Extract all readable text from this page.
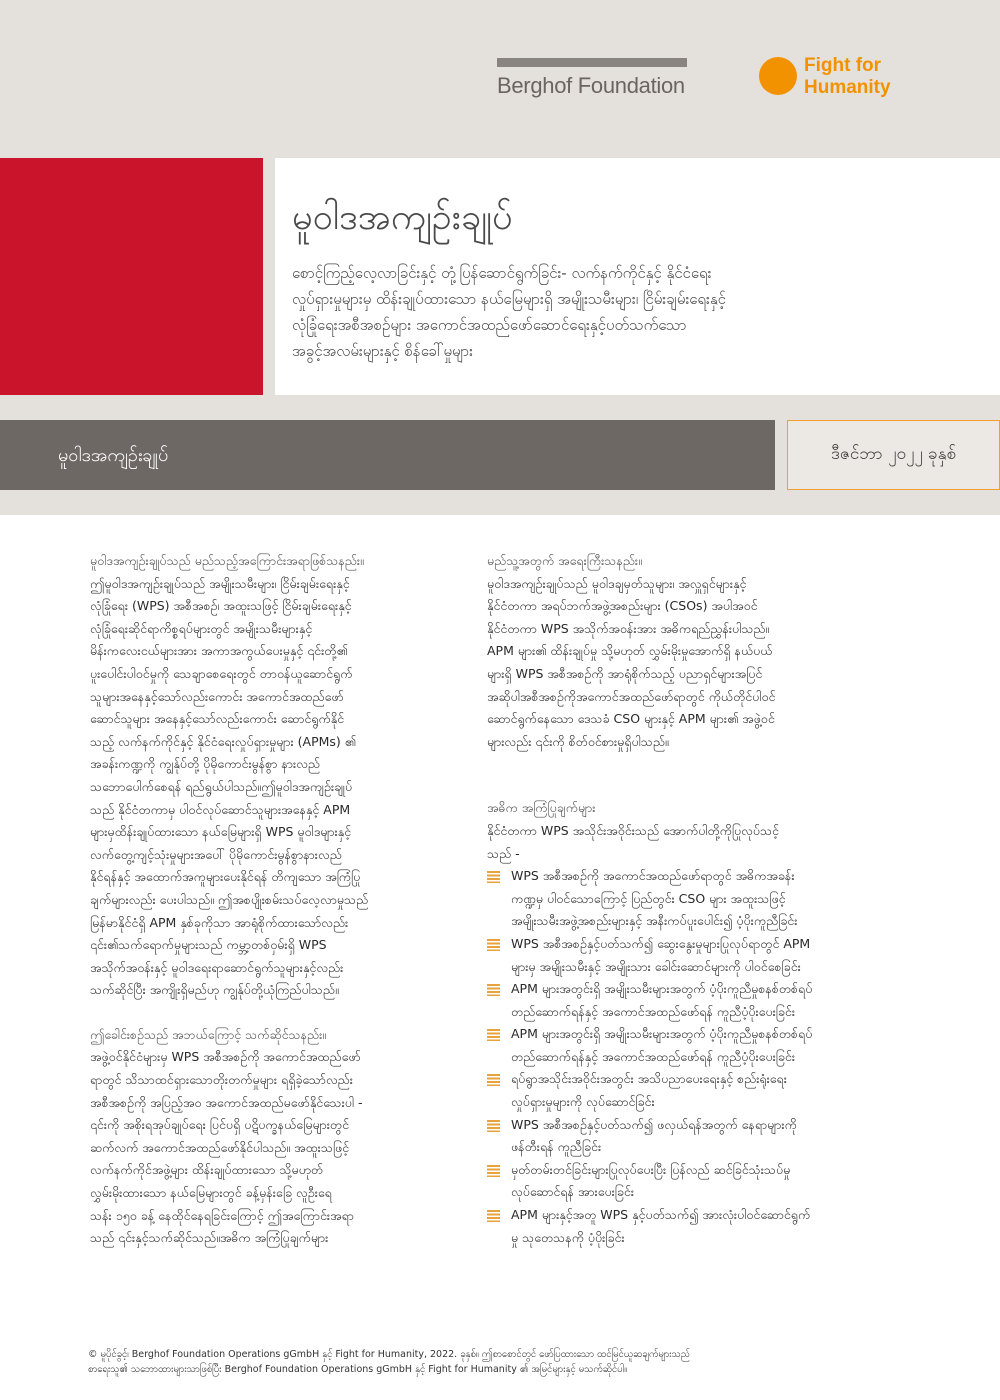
Berghof Foundation
Fight for
Humanity
မူဝါဒအကျဉ်းချုပ်
စောင့်ကြည့်လေ့လာခြင်းနှင့် တုံ့ပြန်ဆောင်ရွက်ခြင်း- လက်နက်ကိုင်နှင့် နိုင်ငံရေး
လှုပ်ရှားမှုများမှ ထိန်းချုပ်ထားသော နယ်မြေများရှိ အမျိုးသမီးများ၊ ငြိမ်းချမ်းရေးနှင့်
လုံခြုံရေးအစီအစဉ်များ အကောင်အထည်ဖော်ဆောင်ရေးနှင့်ပတ်သက်သော
အခွင့်အလမ်းများနှင့် စိန်ခေါ်မှုများ
မူဝါဒအကျဉ်းချုပ်	ဒီဇင်ဘာ ၂၀၂၂ ခုနှစ်
မူဝါဒအကျဉ်းချုပ်သည် မည်သည့်အကြောင်းအရာဖြစ်သနည်း။
ဤမူဝါဒအကျဉ်းချုပ်သည် အမျိုးသမီးများ၊ ငြိမ်းချမ်းရေးနှင့်
လုံခြုံရေး (WPS) အစီအစဉ်၊ အထူးသဖြင့် ငြိမ်းချမ်းရေးနှင့်
လုံခြုံရေးဆိုင်ရာကိစ္စရပ်များတွင် အမျိုးသမီးများနှင့်
မိန်းကလေးငယ်များအား အကာအကွယ်ပေးမှုနှင့် ၎င်းတို့၏
ပူးပေါင်းပါဝင်မှုကို သေချာစေရေးတွင် တာဝန်ယူဆောင်ရွက်
သူများအနေနှင့်သော်လည်းကောင်း အကောင်အထည်ဖော်
ဆောင်သူများ အနေနှင့်သော်လည်းကောင်း ဆောင်ရွက်နိုင်
သည့် လက်နက်ကိုင်နှင့် နိုင်ငံရေးလှုပ်ရှားမှုများ (APMs) ၏
အခန်းကဏ္ဍကို ကျွန်ုပ်တို့ ပိုမိုကောင်းမွန်စွာ နားလည်
သဘောပေါက်စေရန် ရည်ရွယ်ပါသည်။ဤမူဝါဒအကျဉ်းချုပ်
သည် နိုင်ငံတကာမှ ပါဝင်လုပ်ဆောင်သူများအနေနှင့် APM
များမှထိန်းချုပ်ထားသော နယ်မြေများရှိ WPS မူဝါဒများနှင့်
လက်တွေ့ကျင့်သုံးမှုများအပေါ် ပိုမိုကောင်းမွန်စွာနားလည်
နိုင်ရန်နှင့် အထောက်အကူများပေးနိုင်ရန် တိကျသော အကြံပြု
ချက်များလည်း ပေးပါသည်။ ဤအစပျိုးစမ်းသပ်လေ့လာမှုသည်
မြန်မာနိုင်ငံရှိ APM နှစ်ခုကိုသာ အာရုံစိုက်ထားသော်လည်း
၎င်း၏သက်ရောက်မှုများသည် ကမ္ဘာ့တစ်ဝှမ်းရှိ WPS
အသိုက်အဝန်းနှင့် မူဝါဒရေးရာဆောင်ရွက်သူများနှင့်လည်း
သက်ဆိုင်ပြီး အကျိုးရှိမည်ဟု ကျွန်ုပ်တို့ယုံကြည်ပါသည်။
ဤခေါင်းစဉ်သည် အဘယ်ကြောင့် သက်ဆိုင်သနည်း။
အဖွဲ့ဝင်နိုင်ငံများမှ WPS အစီအစဉ်ကို အကောင်အထည်ဖော်
ရာတွင် သိသာထင်ရှားသောတိုးတက်မှုများ ရရှိခဲ့သော်လည်း
အစီအစဉ်ကို အပြည့်အဝ အကောင်အထည်မဖော်နိုင်သေးပါ -
၎င်းကို အစိုးရအုပ်ချုပ်ရေး ပြင်ပရှိ ပဋိပက္ခနယ်မြေများတွင်
ဆက်လက် အကောင်အထည်ဖော်နိုင်ပါသည်။ အထူးသဖြင့်
လက်နက်ကိုင်အဖွဲ့များ ထိန်းချုပ်ထားသော သို့မဟုတ်
လွှမ်းမိုးထားသော နယ်မြေများတွင် ခန့်မှန်းခြေ လူဦးရေ
သန်း ၁၅၀ ခန့် နေထိုင်နေရခြင်းကြောင့် ဤအကြောင်းအရာ
သည် ၎င်းနှင့်သက်ဆိုင်သည်။အဓိက အကြံပြုချက်များ
မည်သူ့အတွက် အရေးကြီးသနည်း။
မူဝါဒအကျဉ်းချုပ်သည် မူဝါဒချမှတ်သူများ၊ အလှူရှင်များနှင့်
နိုင်ငံတကာ အရပ်ဘက်အဖွဲ့အစည်းများ (CSOs) အပါအဝင်
နိုင်ငံတကာ WPS အသိုက်အဝန်းအား အဓိကရည်ညွှန်းပါသည်။
APM များ၏ ထိန်းချုပ်မှု သို့မဟုတ် လွှမ်းမိုးမှုအောက်ရှိ နယ်ပယ်
များရှိ WPS အစီအစဉ်ကို အာရုံစိုက်သည့် ပညာရှင်များအပြင်
အဆိုပါအစီအစဉ်ကိုအကောင်အထည်ဖော်ရာတွင် ကိုယ်တိုင်ပါဝင်
ဆောင်ရွက်နေသော ဒေသခံ CSO များနှင့် APM များ၏ အဖွဲ့ဝင်
များလည်း ၎င်းကို စိတ်ဝင်စားမှုရှိပါသည်။
အဓိက အကြံပြုချက်များ
နိုင်ငံတကာ WPS အသိုင်းအဝိုင်းသည် အောက်ပါတို့ကိုပြုလုပ်သင့်
သည် -
WPS အစီအစဉ်ကို အကောင်အထည်ဖော်ရာတွင် အဓိကအခန်း
ကဏ္ဍမှ ပါဝင်သောကြောင့် ပြည်တွင်း CSO များ အထူးသဖြင့်
အမျိုးသမီးအဖွဲ့အစည်းများနှင့် အနီးကပ်ပူးပေါင်း၍ ပံ့ပိုးကူညီခြင်း
WPS အစီအစဉ်နှင့်ပတ်သက်၍ ဆွေးနွေးမှုများပြုလုပ်ရာတွင် APM
များမှ အမျိုးသမီးနှင့် အမျိုးသား ခေါင်းဆောင်များကို ပါဝင်စေခြင်း
APM များအတွင်းရှိ အမျိုးသမီးများအတွက် ပံ့ပိုးကူညီမှုစနစ်တစ်ရပ်
တည်ဆောက်ရန်နှင့် အကောင်အထည်ဖော်ရန် ကူညီပံ့ပိုးပေးခြင်း
APM များအတွင်းရှိ အမျိုးသမီးများအတွက် ပံ့ပိုးကူညီမှုစနစ်တစ်ရပ်
တည်ဆောက်ရန်နှင့် အကောင်အထည်ဖော်ရန် ကူညီပံ့ပိုးပေးခြင်း
ရပ်ရွာအသိုင်းအဝိုင်းအတွင်း အသိပညာပေးရေးနှင့် စည်းရုံးရေး
လှုပ်ရှားမှုများကို လုပ်ဆောင်ခြင်း
WPS အစီအစဉ်နှင့်ပတ်သက်၍ ဖလှယ်ရန်အတွက် နေရာများကို
ဖန်တီးရန် ကူညီခြင်း
မှတ်တမ်းတင်ခြင်းများပြုလုပ်ပေးပြီး ပြန်လည် ဆင်ခြင်သုံးသပ်မှု
လုပ်ဆောင်ရန် အားပေးခြင်း
APM များနှင့်အတူ WPS နှင့်ပတ်သက်၍ အားလုံးပါဝင်ဆောင်ရွက်
မှု သုတေသနကို ပံ့ပိုးခြင်း
© မူပိုင်ခွင့်၊ Berghof Foundation Operations gGmbH နှင့် Fight for Humanity, 2022. ခုနှစ်။ ဤစာစောင်တွင် ဖော်ပြထားသော ထင်မြင်ယူဆချက်များသည်
စာရေးသူ၏ သဘောထားများသာဖြစ်ပြီး Berghof Foundation Operations gGmbH နှင့် Fight for Humanity ၏ အမြင်များနှင့် မသက်ဆိုင်ပါ။
